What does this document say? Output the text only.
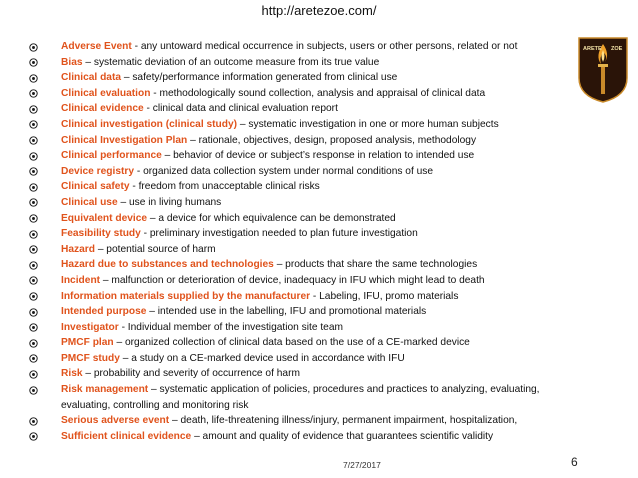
http://aretezoe.com/
ARETE ZOE
Adverse Event - any untoward medical occurrence in subjects, users or other persons, related or not
Bias – systematic deviation of an outcome measure from its true value
Clinical data – safety/performance information generated from clinical use
Clinical evaluation - methodologically sound collection, analysis and appraisal of clinical data
Clinical evidence - clinical data and clinical evaluation report
Clinical investigation (clinical study) – systematic investigation in one or more human subjects
Clinical Investigation Plan – rationale, objectives, design, proposed analysis, methodology
Clinical performance – behavior of device or subject’s response in relation to intended use
Device registry - organized data collection system under normal conditions of use
Clinical safety - freedom from unacceptable clinical risks
Clinical use – use in living humans
Equivalent device – a device for which equivalence can be demonstrated
Feasibility study - preliminary investigation needed to plan future investigation
Hazard – potential source of harm
Hazard due to substances and technologies – products that share the same technologies
Incident – malfunction or deterioration of device, inadequacy in IFU which might lead to death
Information materials supplied by the manufacturer - Labeling, IFU, promo materials
Intended purpose – intended use in the labelling, IFU and promotional materials
Investigator - Individual member of the investigation site team
PMCF plan – organized collection of clinical data based on the use of a CE-marked device
PMCF study – a study on a CE-marked device used in accordance with IFU
Risk – probability and severity of occurrence of harm
Risk management – systematic application of policies, procedures and practices to analyzing, evaluating, evaluating, controlling and monitoring risk
Serious adverse event – death, life-threatening illness/injury, permanent impairment, hospitalization,
Sufficient clinical evidence – amount and quality of evidence that guarantees scientific validity
7/27/2017	6
